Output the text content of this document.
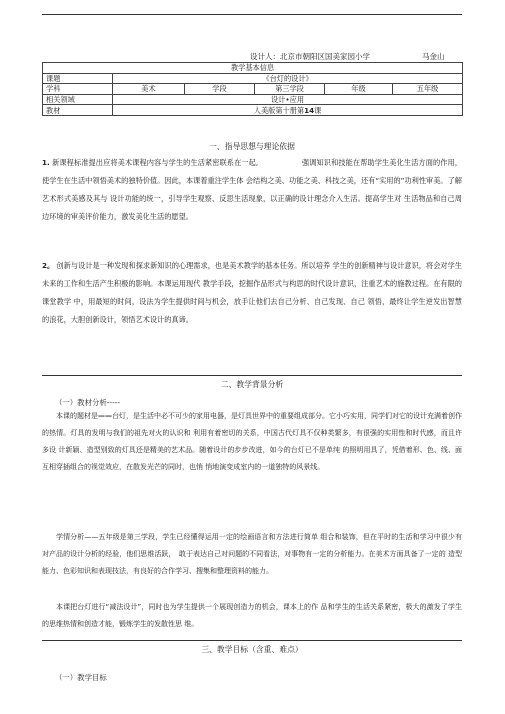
设计人：北京市朝阳区国美家园小学	马金山
教学基本信息					
课题	《台灯的设计》				
学科	美术	学段	第三学段	年级	五年级
相关领域	设计•应用				
教材	人美版第十册第14课				
一、指导思想与理论依据
1. 新课程标准提出应将美术课程内容与学生的生活紧密联系在一起,　　　　　　强调知识和技能在帮助学生美化生活方面的作用，使学生在生活中领悟美术的独特价值。因此，本课着重注学生体 会结构之美、功能之美、科技之美，还有“实用的”功利性审美。了解艺术形式美感及其与 设计功能的统一，引导学生观察、反思生活现象，以正确的设计理念介入生活。提高学生对 生活物品和自己周边环境的审美评价能力，激发美化生活的愿望。
2。 创新与设计是一种发现和探求新知识的心理需求，也是美术教学的基本任务。所以培养 学生的创新精神与设计意识，将会对学生未来的工作和生活产生积极的影响。本课运用现代 教学手段，挖掘作品形式与构思的时代设计意识，注重艺术的施教过程。在有限的课堂教学 中，用最短的时间，设法为学生提供时间与机会，放手让他们去自己分析、自己发现、自己 领悟，最终让学生逆发出智慧的浪花，大胆创新设计，领悟艺术设计的真谛。
二、教学背景分析
（一）教材分析-----
本课的题材是——台灯，是生活中必不可少的家用电器，是灯具世界中的重要组成部分。它小巧实用，同学们对它的设计充满着创作的热情。灯具的发明与我们的祖先对火的认识和 利用有着密切的关系，中国古代灯具不仅种类繁多，有很强的实用性和时代感，而且许多设 计新颖、造型别致的灯具还是精美的艺术品。随着设计的步步改进，如今的台灯已不是单纯 的照明用具了，凭借着形、色、线、面互相穿插组合的视觉效应，在散发光芒的同时，也悄 悄地演变成室内的一道独特的风景线。
学情分析——五年级是第三学段，学生已经懂得运用一定的绘画语言和方法进行简单 组合和装饰，但在平时的生活和学习中很少有对产品的设计分析的经验，他们思维活跃，　敢于表达自己对问题的不同看法，对事物有一定的分析能力。在美术方面具备了一定的 造型能力、色彩知识和表现技法，有良好的合作学习、搜集和整理资料的能力。
本课把台灯进行“减法设计”，同时也为学生提供一个展现创造力的机会，课本上的作 品和学生的生活关系紧密，极大的激发了学生的思维热情和创造才能，锻炼学生的发散性思 维。
三、教学目标（含重、难点）
（一）教学目标
